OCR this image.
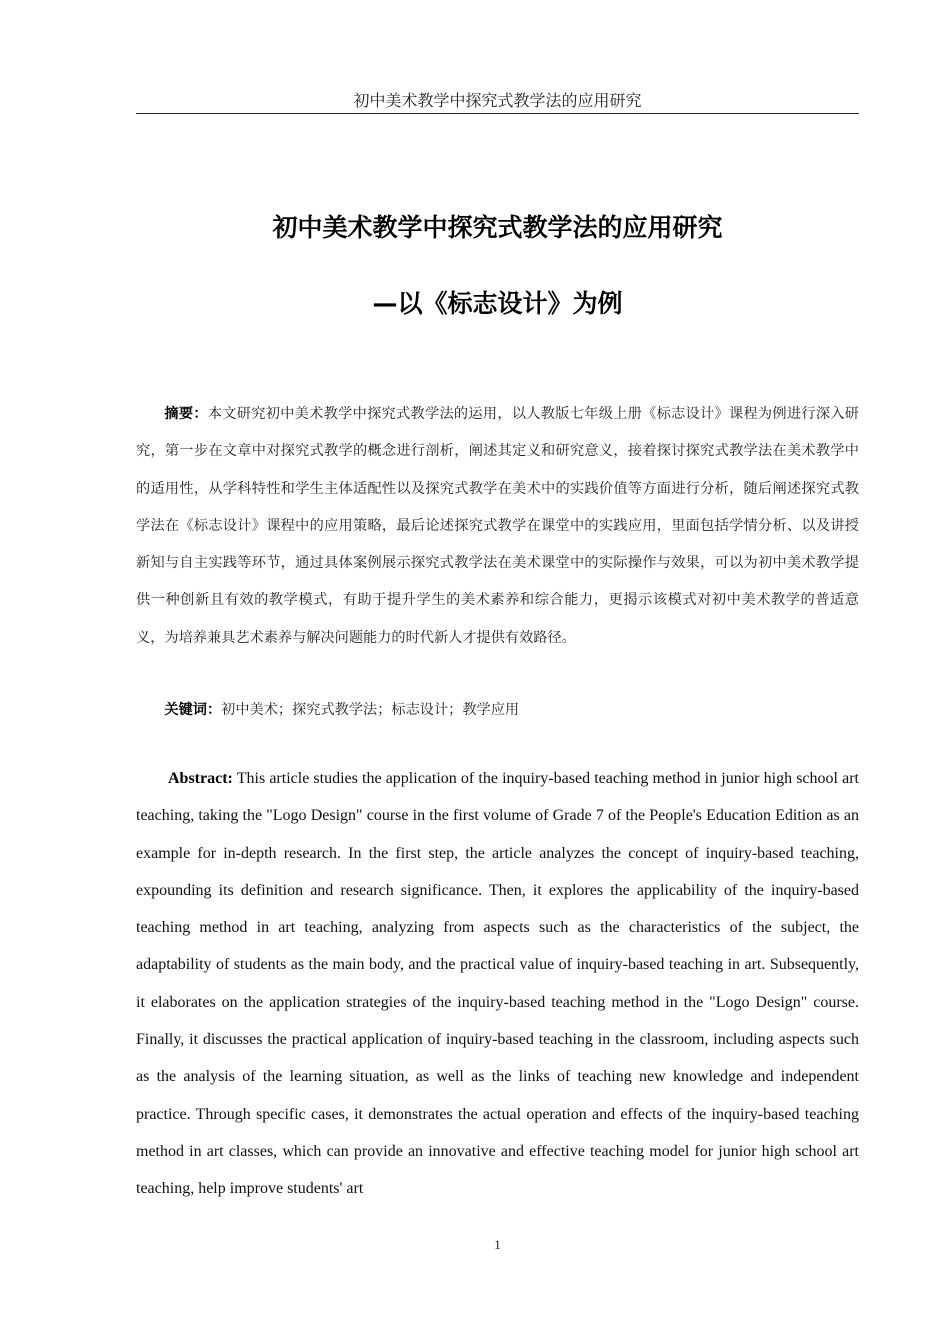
初中美术教学中探究式教学法的应用研究

初中美术教学中探究式教学法的应用研究

—以《标志设计》为例

摘要：本文研究初中美术教学中探究式教学法的运用，以人教版七年级上册《标志设计》课程为例进行深入研究，第一步在文章中对探究式教学的概念进行剖析，阐述其定义和研究意义，接着探讨探究式教学法在美术教学中的适用性，从学科特性和学生主体适配性以及探究式教学在美术中的实践价值等方面进行分析，随后阐述探究式教学法在《标志设计》课程中的应用策略，最后论述探究式教学在课堂中的实践应用，里面包括学情分析、以及讲授新知与自主实践等环节，通过具体案例展示探究式教学法在美术课堂中的实际操作与效果，可以为初中美术教学提供一种创新且有效的教学模式，有助于提升学生的美术素养和综合能力，更揭示该模式对初中美术教学的普适意义，为培养兼具艺术素养与解决问题能力的时代新人才提供有效路径。

关键词：初中美术；探究式教学法；标志设计；教学应用

Abstract: This article studies the application of the inquiry-based teaching method in junior high school art teaching, taking the "Logo Design" course in the first volume of Grade 7 of the People's Education Edition as an example for in-depth research. In the first step, the article analyzes the concept of inquiry-based teaching, expounding its definition and research significance. Then, it explores the applicability of the inquiry-based teaching method in art teaching, analyzing from aspects such as the characteristics of the subject, the adaptability of students as the main body, and the practical value of inquiry-based teaching in art. Subsequently, it elaborates on the application strategies of the inquiry-based teaching method in the "Logo Design" course. Finally, it discusses the practical application of inquiry-based teaching in the classroom, including aspects such as the analysis of the learning situation, as well as the links of teaching new knowledge and independent practice. Through specific cases, it demonstrates the actual operation and effects of the inquiry-based teaching method in art classes, which can provide an innovative and effective teaching model for junior high school art teaching, help improve students' art

1
